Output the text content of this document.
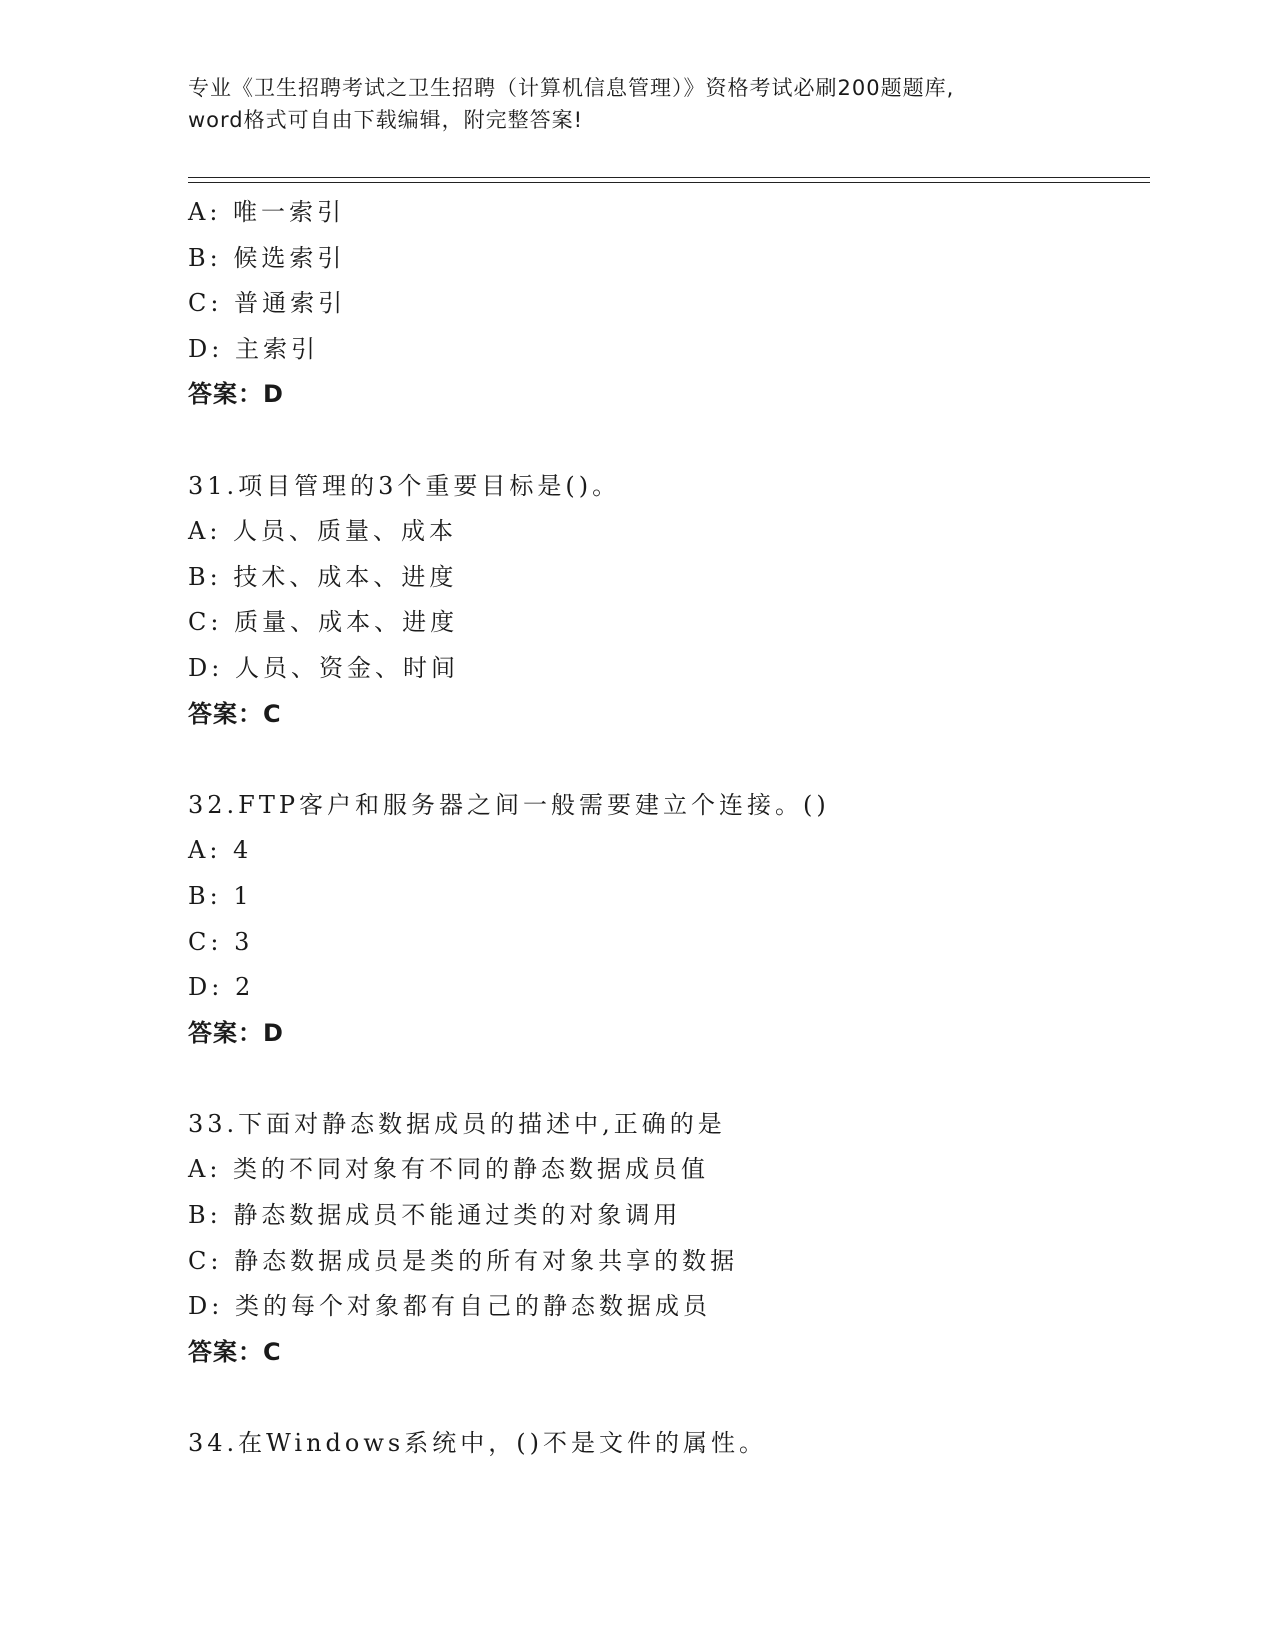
专业《卫生招聘考试之卫生招聘（计算机信息管理）》资格考试必刷200题题库,
word格式可自由下载编辑，附完整答案!
A: 唯一索引
B: 候选索引
C: 普通索引
D: 主索引
答案：D
31.项目管理的3个重要目标是()。
A: 人员、质量、成本
B: 技术、成本、进度
C: 质量、成本、进度
D: 人员、资金、时间
答案：C
32.FTP客户和服务器之间一般需要建立个连接。()
A: 4
B: 1
C: 3
D: 2
答案：D
33.下面对静态数据成员的描述中,正确的是
A: 类的不同对象有不同的静态数据成员值
B: 静态数据成员不能通过类的对象调用
C: 静态数据成员是类的所有对象共享的数据
D: 类的每个对象都有自己的静态数据成员
答案：C
34.在Windows系统中，()不是文件的属性。
